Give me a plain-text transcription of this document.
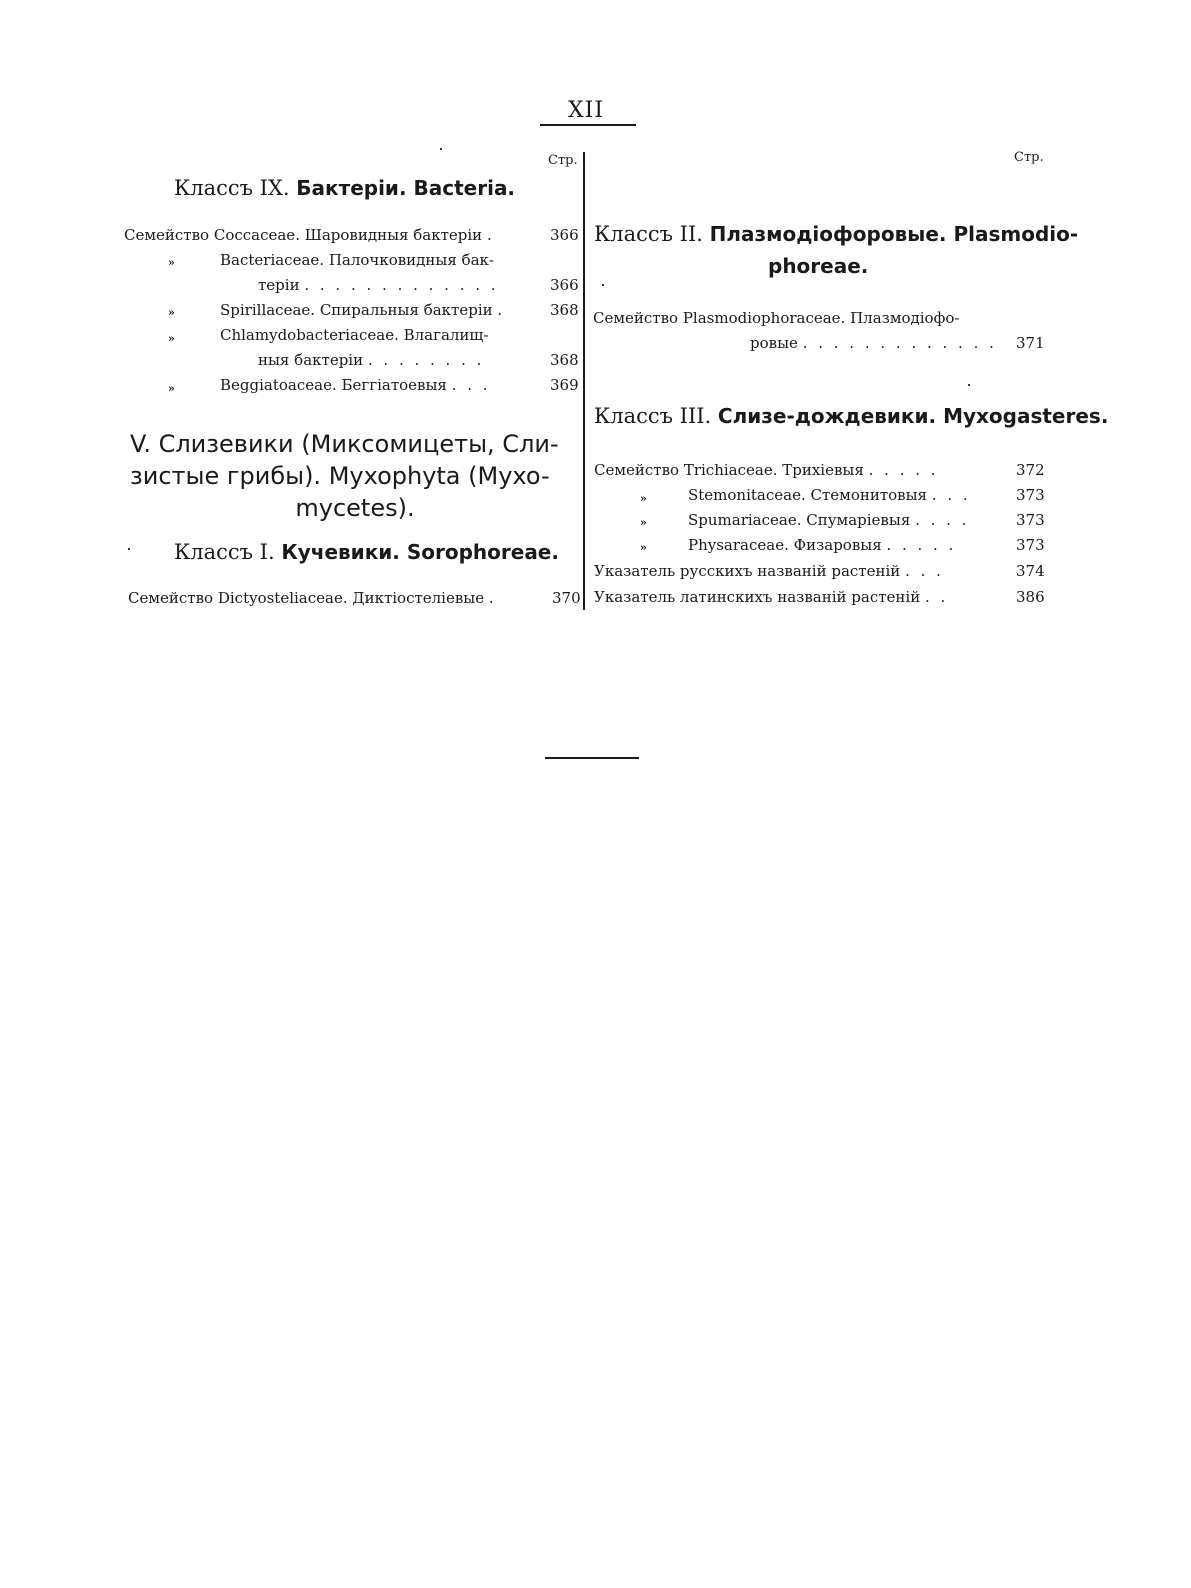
XII
Стр.
Классъ IX. Бактеріи. Bacteria.
Семейство Coccaceae. Шаровидныя бактеріи .	366
»	Bacteriaceae. Палочковидныя бак-
теріи . . . . . . . . . . . . .	366
»	Spirillaceae. Спиральныя бактеріи .	368
»	Chlamydobacteriaceae. Влагалищ-
ныя бактеріи . . . . . . . .	368
»	Beggiatoaceae. Беггіатоевыя . . .	369
V. Слизевики (Миксомицеты, Сли-
зистые грибы). Myxophyta (Myxo-
mycetes).
Классъ I. Кучевики. Sorophoreae.
Семейство Dictyosteliaceae. Диктіостеліевые .	370
Стр.
Классъ II. Плазмодіофоровые. Plasmodio-
phoreae.
Семейство Plasmodiophoraceae. Плазмодіофо-
ровые . . . . . . . . . . . . . 371
Классъ III. Слизе-дождевики. Myxogasteres.
Семейство Trichiaceae. Трихіевыя . . . . .	372
»	Stemonitaceae. Стемонитовыя . . .	373
»	Spumariaceae. Спумаріевыя . . . .	373
»	Physaraceae. Физаровыя . . . . .	373
Указатель русскихъ названій растеній . . .	374
Указатель латинскихъ названій растеній . .	386
